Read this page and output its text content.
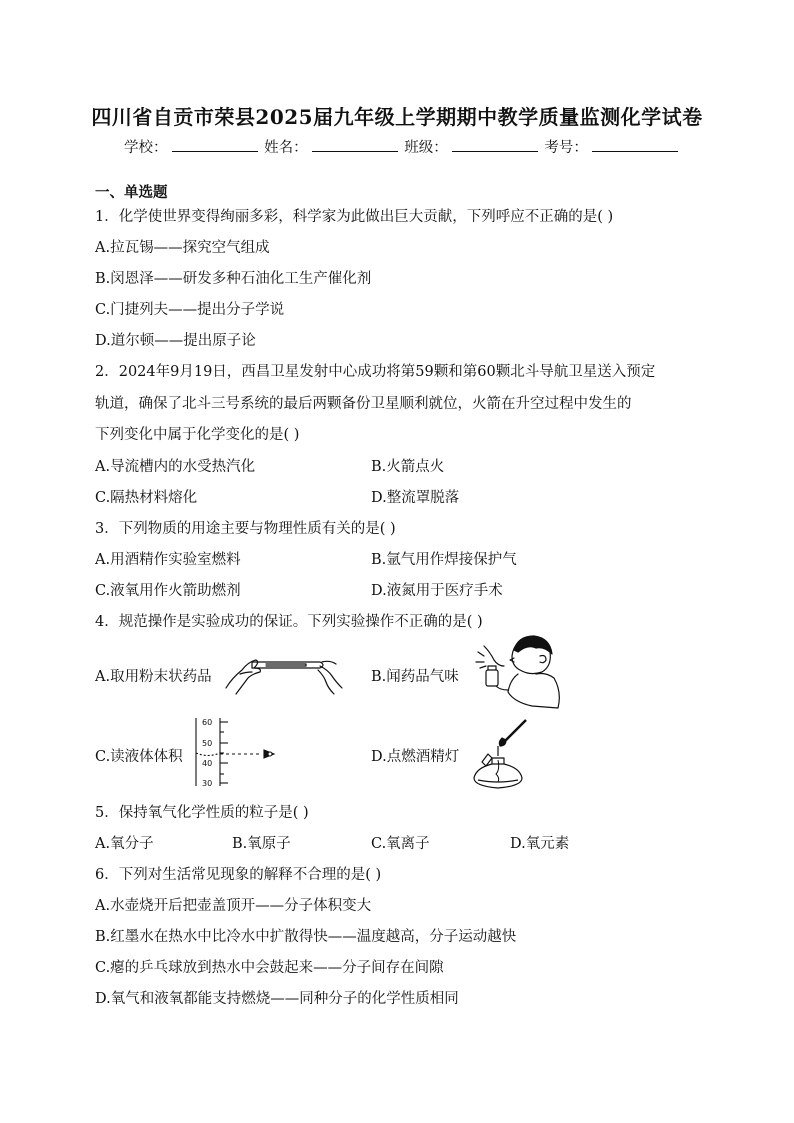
四川省自贡市荣县2025届九年级上学期期中教学质量监测化学试卷
学校：	姓名：	班级：	考号：
一、单选题
1．化学使世界变得绚丽多彩，科学家为此做出巨大贡献，下列呼应不正确的是( )
A.拉瓦锡——探究空气组成
B.闵恩泽——研发多种石油化工生产催化剂
C.门捷列夫——提出分子学说
D.道尔顿——提出原子论
2．2024年9月19日，西昌卫星发射中心成功将第59颗和第60颗北斗导航卫星送入预定
轨道，确保了北斗三号系统的最后两颗备份卫星顺利就位，火箭在升空过程中发生的
下列变化中属于化学变化的是( )
A.导流槽内的水受热汽化	B.火箭点火
C.隔热材料熔化	D.整流罩脱落
3．下列物质的用途主要与物理性质有关的是( )
A.用酒精作实验室燃料	B.氩气用作焊接保护气
C.液氧用作火箭助燃剂	D.液氮用于医疗手术
4．规范操作是实验成功的保证。下列实验操作不正确的是( )
A.取用粉末状药品	B.闻药品气味
C.读液体体积	D.点燃酒精灯
60
50
40
30
5．保持氧气化学性质的粒子是( )
A.氧分子	B.氧原子	C.氧离子	D.氧元素
6．下列对生活常见现象的解释不合理的是( )
A.水壶烧开后把壶盖顶开——分子体积变大
B.红墨水在热水中比冷水中扩散得快——温度越高，分子运动越快
C.瘪的乒乓球放到热水中会鼓起来——分子间存在间隙
D.氧气和液氧都能支持燃烧——同种分子的化学性质相同
